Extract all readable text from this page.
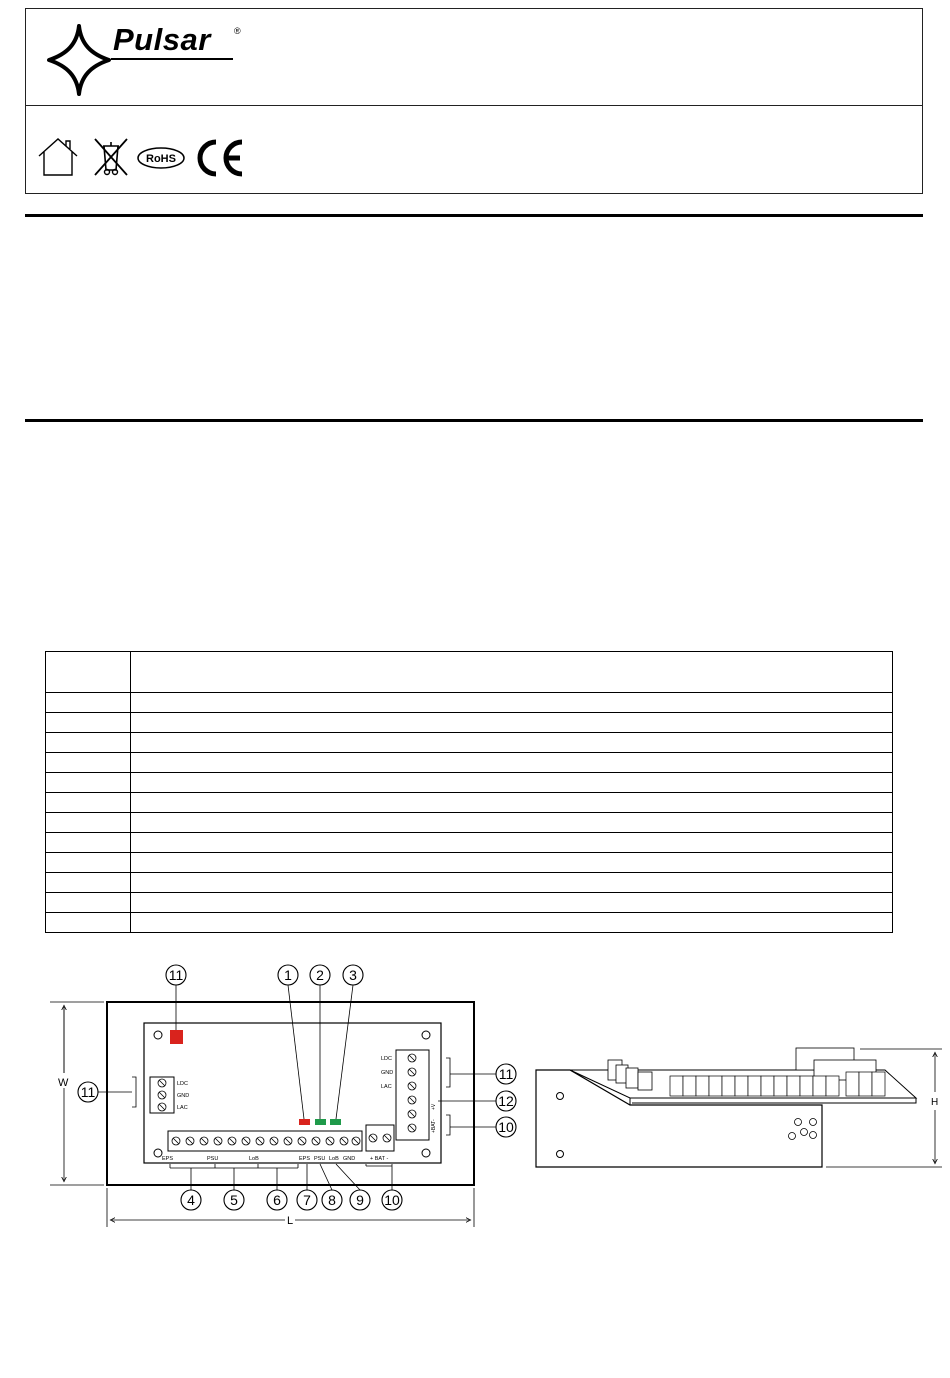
Pulsar	®
RoHS

LDC
GND
LAC
LDC
GND
LAC
+BAT-
+V
EPS	PSU	LoB	EPS PSU LoB GND	+ BAT -
W
L
11	1 2 3
11
11
12
10
4	5	6 7 8 9 10
H
